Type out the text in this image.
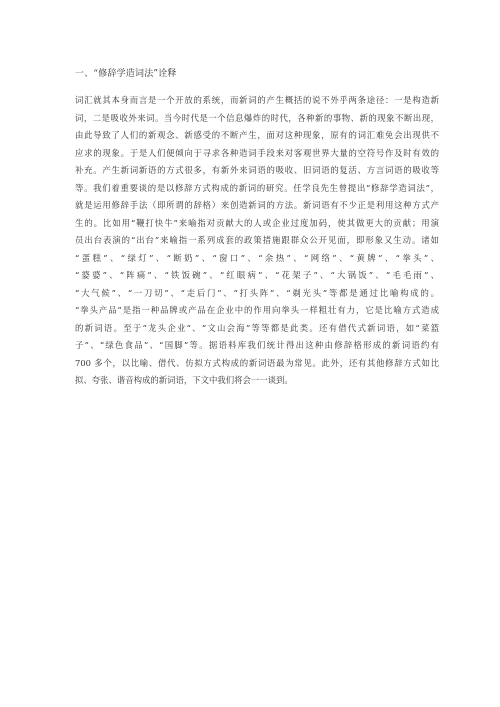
一、“修辞学造词法”诠释
词汇就其本身而言是一个开放的系统，而新词的产生概括的说不外乎两条途径：一是构造新
词，二是吸收外来词。当今时代是一个信息爆炸的时代，各种新的事物、新的现象不断出现，
由此导致了人们的新观念、新感受的不断产生，面对这种现象，原有的词汇难免会出现供不
应求的现象。于是人们便倾向于寻求各种造词手段来对客观世界大量的空符号作及时有效的
补充。产生新词新语的方式很多，有新外来词语的吸收、旧词语的复活、方言词语的吸收等
等。我们着重要谈的是以修辞方式构成的新词的研究。任学良先生曾提出“修辞学造词法”，
就是运用修辞手法（即所谓的辞格）来创造新词的方法。新词语有不少正是利用这种方式产
生的。比如用“鞭打快牛”来喻指对贡献大的人或企业过度加码，使其做更大的贡献；用演
员出台表演的“出台”来喻指一系列成套的政策措施跟群众公开见面，即形象又生动。诸如
“蛋糕”、“绿灯”、“断奶”、“窗口”、“余热”、“网络”、“黄牌”、“拳头”、
“婆婆”、“阵痛”、“铁饭碗”、“红眼病”、“花架子”、“大锅饭”、“毛毛雨”、
“大气候”、“一刀切”、“走后门”、“打头阵”、“剃光头”等都是通过比喻构成的。
“拳头产品”是指一种品牌或产品在企业中的作用向拳头一样粗壮有力，它是比喻方式造成
的新词语。至于“龙头企业”、“文山会海”等等都是此类。还有借代式新词语，如“菜篮
子”、“绿色食品”、“国脚”等。据语料库我们统计得出这种由修辞格形成的新词语约有
700 多个，以比喻、借代、仿拟方式构成的新词语最为常见。此外，还有其他修辞方式如比
拟、夸张、谐音构成的新词语，下文中我们将会一一谈到。
